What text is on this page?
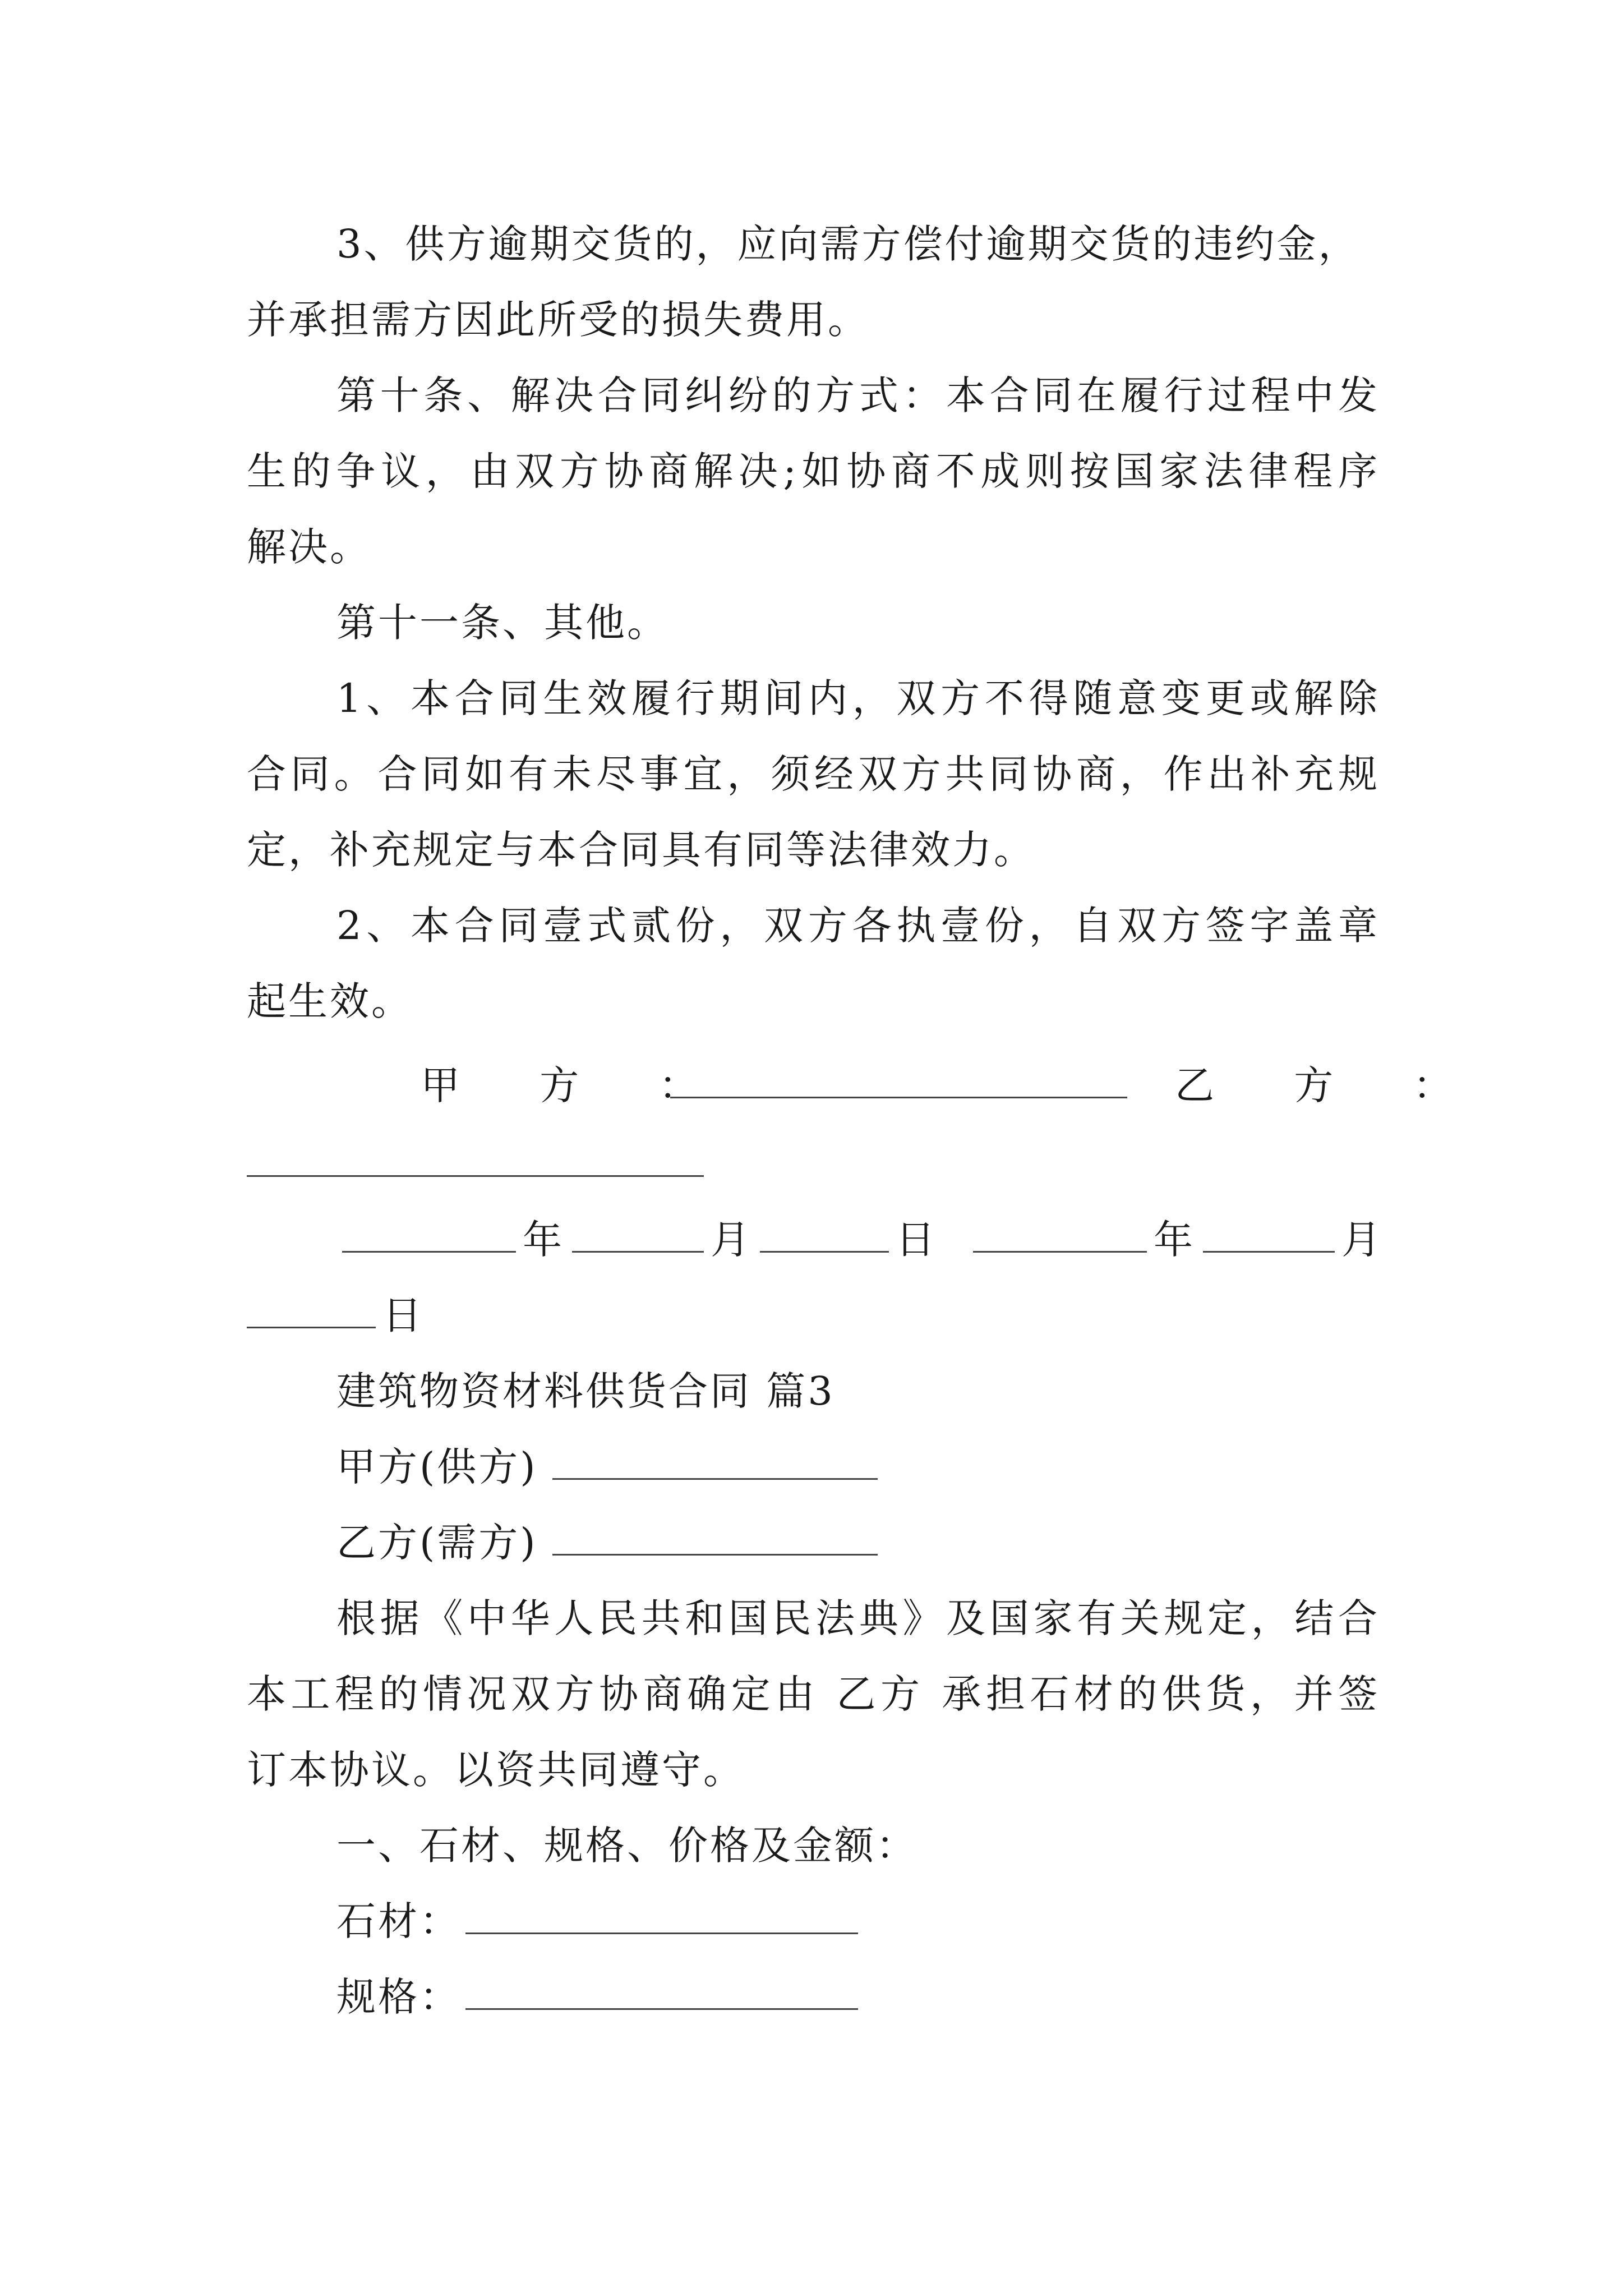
3、供方逾期交货的，应向需方偿付逾期交货的违约金，
并承担需方因此所受的损失费用。
第十条、解决合同纠纷的方式：本合同在履行过程中发
生的争议，由双方协商解决;如协商不成则按国家法律程序
解决。
第十一条、其他。
1、本合同生效履行期间内，双方不得随意变更或解除
合同。合同如有未尽事宜，须经双方共同协商，作出补充规
定，补充规定与本合同具有同等法律效力。
2、本合同壹式贰份，双方各执壹份，自双方签字盖章
起生效。
甲 方 ：	乙 方 ：
年	月	日	年	月
日
建筑物资材料供货合同 篇3
甲方(供方)
乙方(需方)
根据《中华人民共和国民法典》及国家有关规定，结合
本工程的情况双方协商确定由 乙方 承担石材的供货，并签
订本协议。以资共同遵守。
一、石材、规格、价格及金额：
石材：
规格：
